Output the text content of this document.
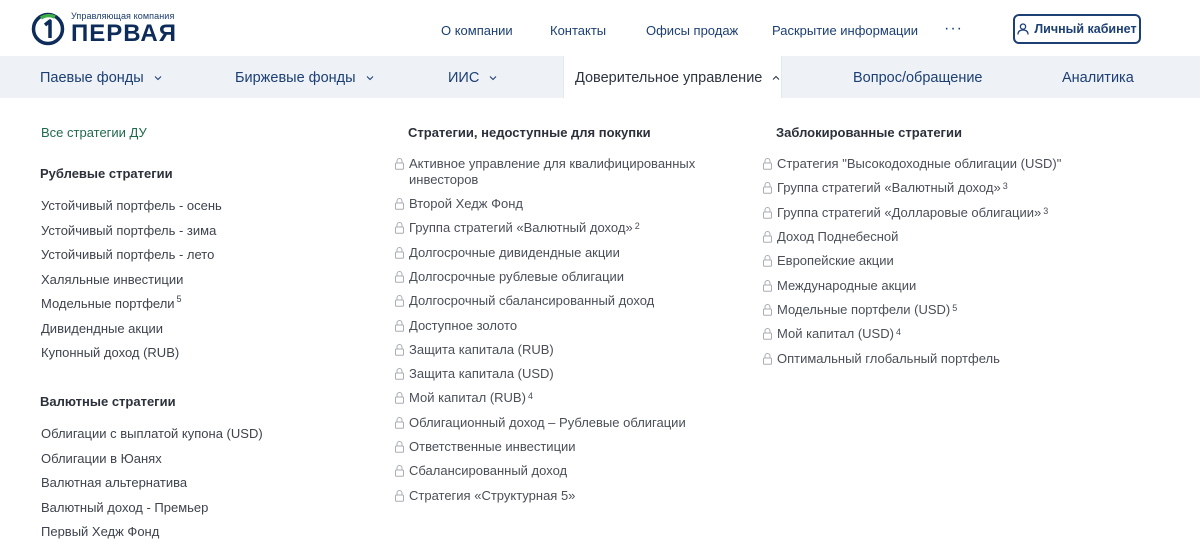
Управляющая компания
ПЕРВАЯ	О компании	Контакты	Офисы продаж	Раскрытие информации ···	Личный кабинет
Паевые фонды	Биржевые фонды	ИИС	Доверительное управление	Вопрос/обращение	Аналитика
Все стратегии ДУ
Рублевые стратегии
Устойчивый портфель - осень
Устойчивый портфель - зима
Устойчивый портфель - лето
Халяльные инвестиции
Модельные портфели $^5$
Дивидендные акции
Купонный доход (RUB)
Валютные стратегии
Облигации с выплатой купона (USD)
Облигации в Юанях
Валютная альтернатива
Валютный доход - Премьер
Первый Хедж Фонд
Стратегии, недоступные для покупки
Активное управление для квалифицированных инвесторов
Второй Хедж Фонд
Группа стратегий «Валютный доход» $^2$
Долгосрочные дивидендные акции
Долгосрочные рублевые облигации
Долгосрочный сбалансированный доход
Доступное золото
Защита капитала (RUB)
Защита капитала (USD)
Мой капитал (RUB) $^4$
Облигационный доход – Рублевые облигации
Ответственные инвестиции
Сбалансированный доход
Стратегия «Структурная 5»
Заблокированные стратегии
Стратегия "Высокодоходные облигации (USD)"
Группа стратегий «Валютный доход» $^3$
Группа стратегий «Долларовые облигации» $^3$
Доход Поднебесной
Европейские акции
Международные акции
Модельные портфели (USD) $^5$
Мой капитал (USD) $^4$
Оптимальный глобальный портфель
